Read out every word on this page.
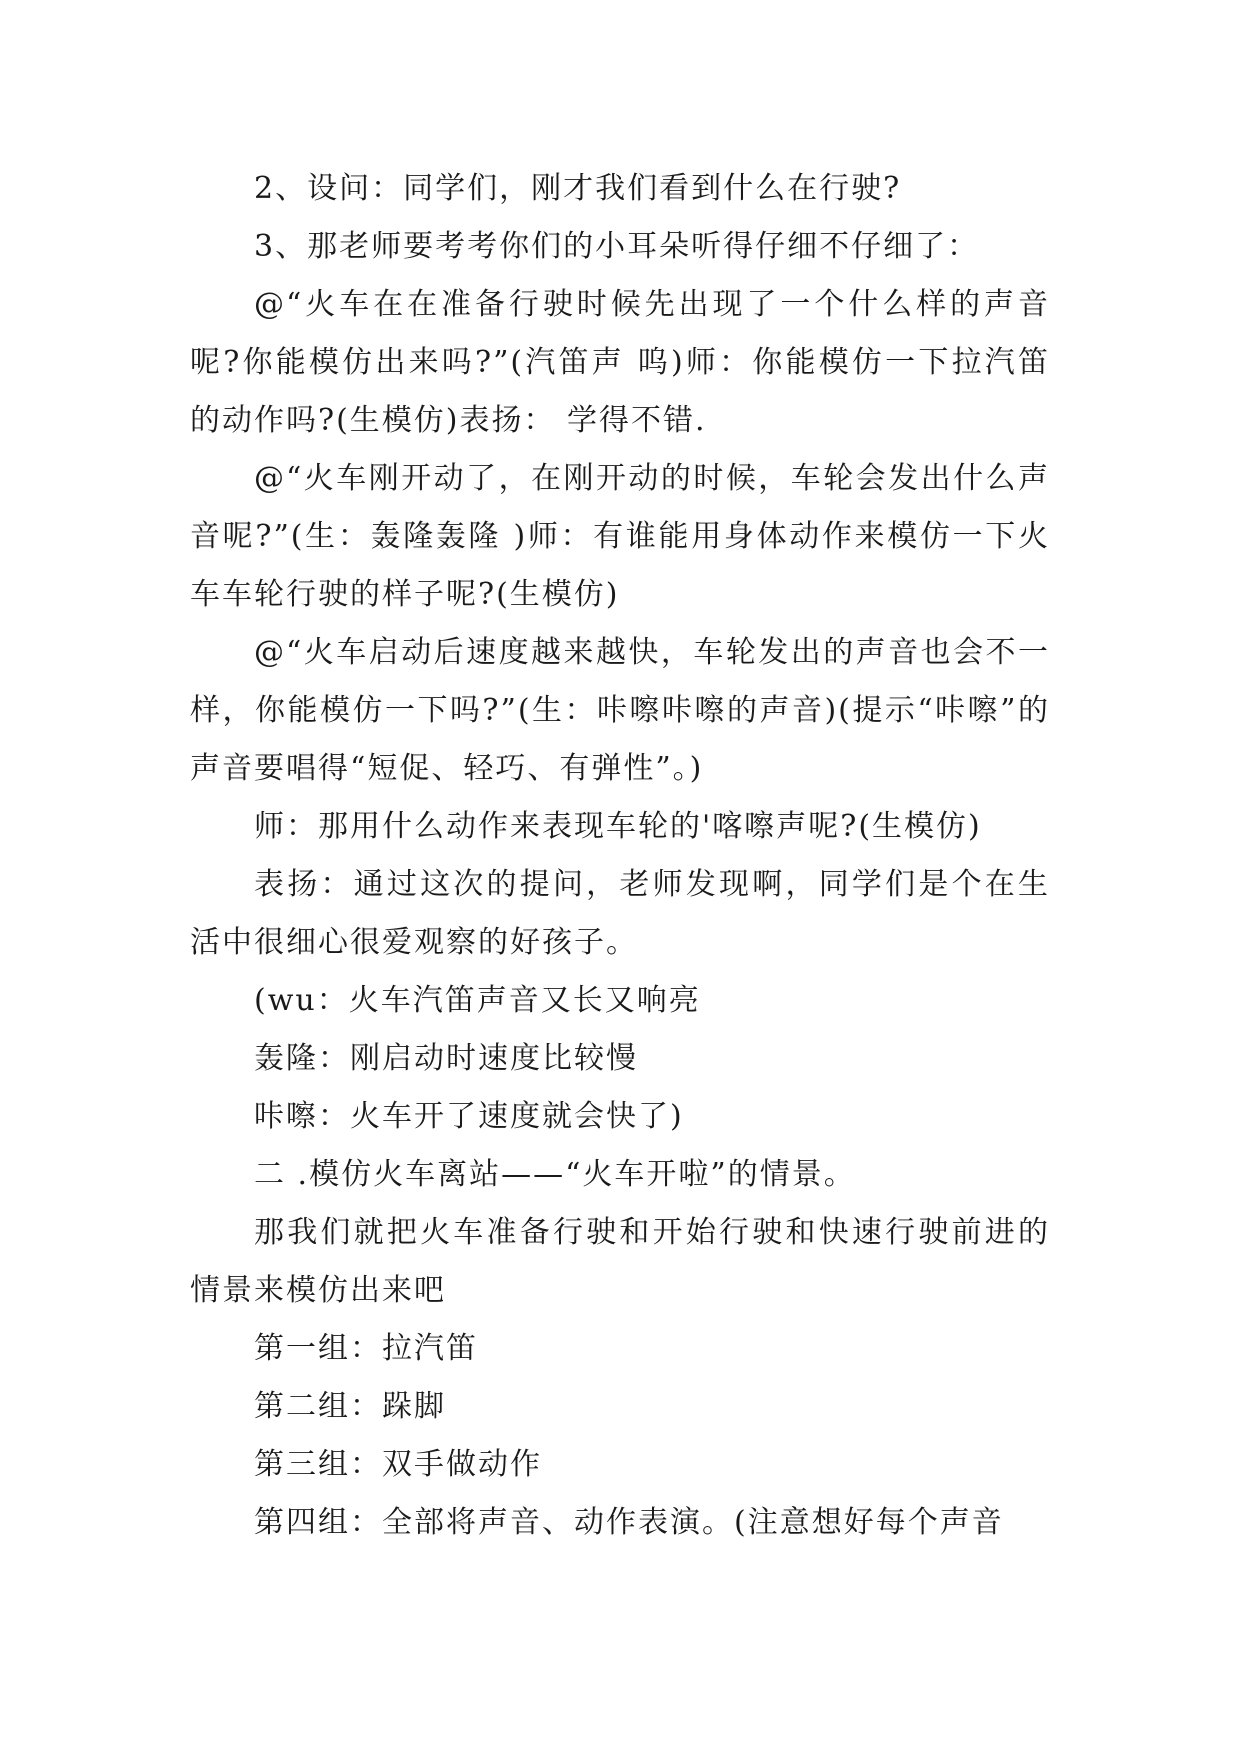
2、设问：同学们，刚才我们看到什么在行驶?

3、那老师要考考你们的小耳朵听得仔细不仔细了：

@“火车在在准备行驶时候先出现了一个什么样的声音呢?你能模仿出来吗?”(汽笛声 呜)师：你能模仿一下拉汽笛的动作吗?(生模仿)表扬： 学得不错.

@“火车刚开动了，在刚开动的时候，车轮会发出什么声音呢?”(生：轰隆轰隆 )师：有谁能用身体动作来模仿一下火车车轮行驶的样子呢?(生模仿)

@“火车启动后速度越来越快，车轮发出的声音也会不一样，你能模仿一下吗?”(生：咔嚓咔嚓的声音)(提示“咔嚓”的声音要唱得“短促、轻巧、有弹性”。)

师：那用什么动作来表现车轮的'喀嚓声呢?(生模仿)

表扬：通过这次的提问，老师发现啊，同学们是个在生活中很细心很爱观察的好孩子。

(wu：火车汽笛声音又长又响亮

轰隆：刚启动时速度比较慢

咔嚓：火车开了速度就会快了)

二 .模仿火车离站——“火车开啦”的情景。

那我们就把火车准备行驶和开始行驶和快速行驶前进的情景来模仿出来吧

第一组：拉汽笛

第二组：跺脚

第三组：双手做动作

第四组：全部将声音、动作表演。(注意想好每个声音
